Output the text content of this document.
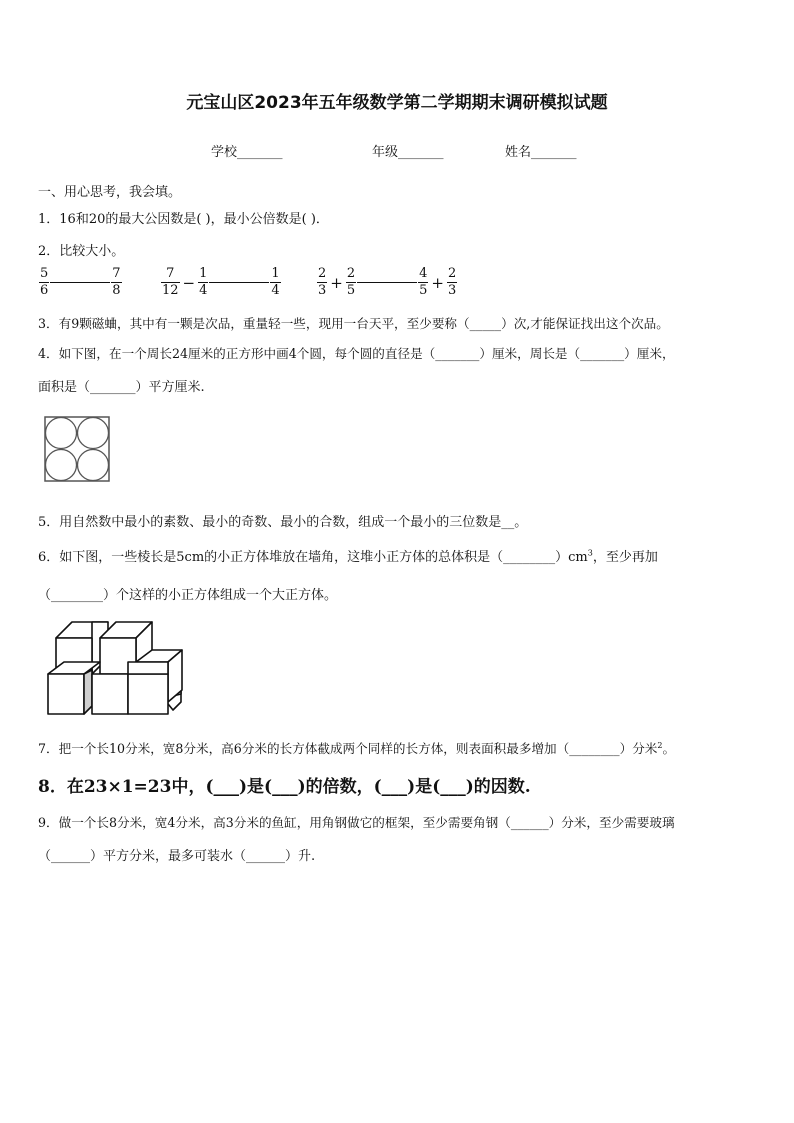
元宝山区2023年五年级数学第二学期期末调研模拟试题
学校_______	年级_______	姓名_______
一、用心思考，我会填。
1．16和20的最大公因数是( )，最小公倍数是( )．
2．比较大小。
$\frac{5}{6}$	$\frac{7}{8}$	$\frac{7}{12} - \frac{1}{4}$	$\frac{1}{4}$	$\frac{2}{3} + \frac{2}{5}$	$\frac{4}{5} + \frac{2}{3}$
3．有9颗磁蛐，其中有一颗是次品，重量轻一些，现用一台天平，至少要称（_____）次,才能保证找出这个次品。
4．如下图，在一个周长24厘米的正方形中画4个圆，每个圆的直径是（_______）厘米，周长是（_______）厘米，
面积是（_______）平方厘米.
5．用自然数中最小的素数、最小的奇数、最小的合数，组成一个最小的三位数是__。
6．如下图，一些棱长是5cm的小正方体堆放在墙角，这堆小正方体的总体积是$(\_\_\_\_\_\_\_\_)cm^3$，至少再加
（________）个这样的小正方体组成一个大正方体。
7．把一个长10分米，宽8分米，高6分米的长方体截成两个同样的长方体，则表面积最多增加（________）分米$^2$。
8．在23×1=23中，(___)是(___)的倍数，(___)是(___)的因数.
9．做一个长8分米，宽4分米，高3分米的鱼缸，用角钢做它的框架，至少需要角钢（______）分米，至少需要玻璃
（______）平方分米，最多可装水（______）升.
